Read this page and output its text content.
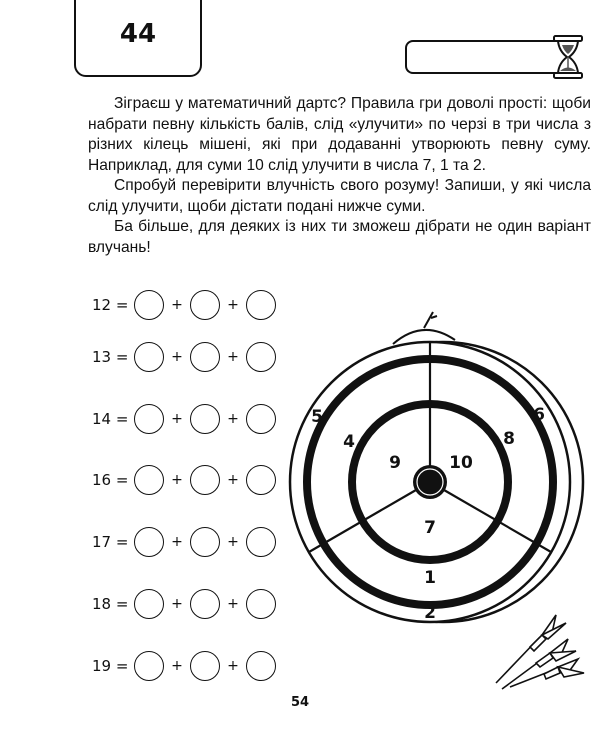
44

Зіграєш у математичний дартс? Правила гри доволі прості: щоби набрати певну кількість балів, слід «улучити» по черзі в три числа з різних кілець мішені, які при додаванні утворюють певну суму. Наприклад, для суми 10 слід улучити в числа 7, 1 та 2.

Спробуй перевірити влучність свого розуму! Запиши, у які числа слід улучити, щоби дістати подані нижче суми.

Ба більше, для деяких із них ти зможеш дібрати не один варіант влучань!

12 =	+	+
13 =	+	+
14 =	+	+
16 =	+	+
17 =	+	+
18 =	+	+
19 =	+	+
9	10
7
4	8
1
5	6
2
54
